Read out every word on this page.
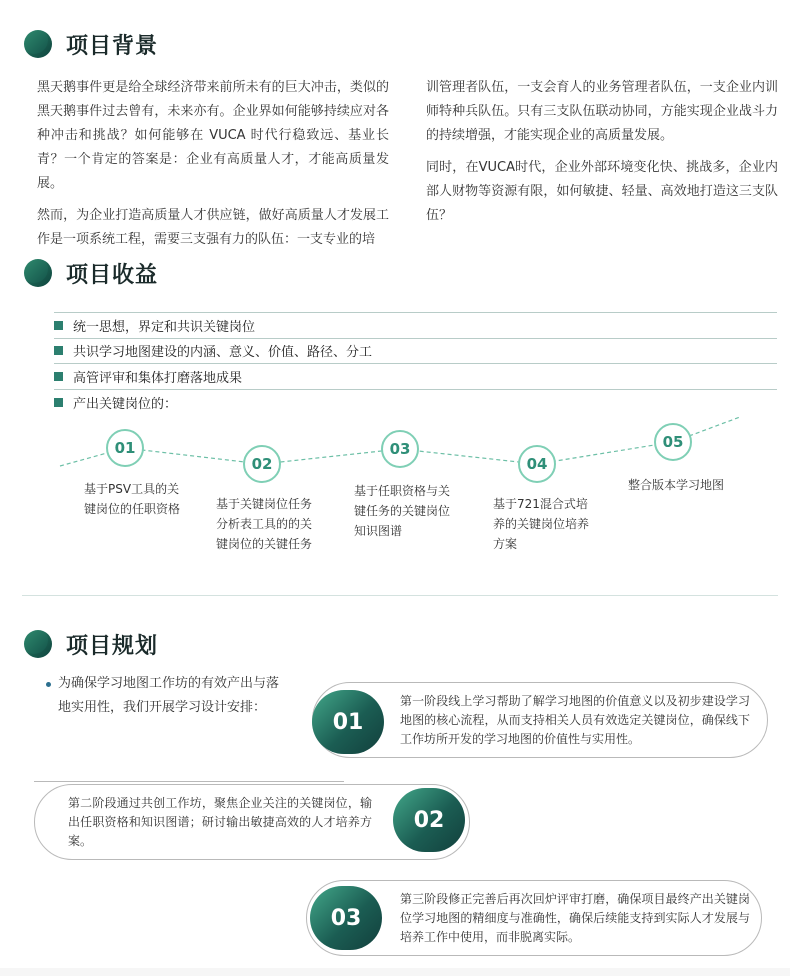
项目背景

黑天鹅事件更是给全球经济带来前所未有的巨大冲击，类似的黑天鹅事件过去曾有，未来亦有。企业界如何能够持续应对各种冲击和挑战？如何能够在 VUCA 时代行稳致远、基业长青？一个肯定的答案是：企业有高质量人才，才能高质量发展。

然而，为企业打造高质量人才供应链，做好高质量人才发展工作是一项系统工程，需要三支强有力的队伍：一支专业的培

训管理者队伍，一支会育人的业务管理者队伍，一支企业内训师特种兵队伍。只有三支队伍联动协同，方能实现企业战斗力的持续增强，才能实现企业的高质量发展。

同时，在VUCA时代，企业外部环境变化快、挑战多，企业内部人财物等资源有限，如何敏捷、轻量、高效地打造这三支队伍？

项目收益
统一思想，界定和共识关键岗位
共识学习地图建设的内涵、意义、价值、路径、分工
高管评审和集体打磨落地成果
产出关键岗位的：
01
02
03
04
05
基于PSV工具的关键岗位的任职资格	基于关键岗位任务分析表工具的的关键岗位的关键任务
基于任职资格与关键任务的关键岗位知识图谱
基于721混合式培养的关键岗位培养方案
整合版本学习地图
项目规划
为确保学习地图工作坊的有效产出与落地实用性，我们开展学习设计安排：
01
第一阶段线上学习帮助了解学习地图的价值意义以及初步建设学习地图的核心流程，从而支持相关人员有效选定关键岗位，确保线下工作坊所开发的学习地图的价值性与实用性。
第二阶段通过共创工作坊，聚焦企业关注的关键岗位，输出任职资格和知识图谱；研讨输出敏捷高效的人才培养方案。
02
03
第三阶段修正完善后再次回炉评审打磨，确保项目最终产出关键岗位学习地图的精细度与准确性，确保后续能支持到实际人才发展与培养工作中使用，而非脱离实际。
